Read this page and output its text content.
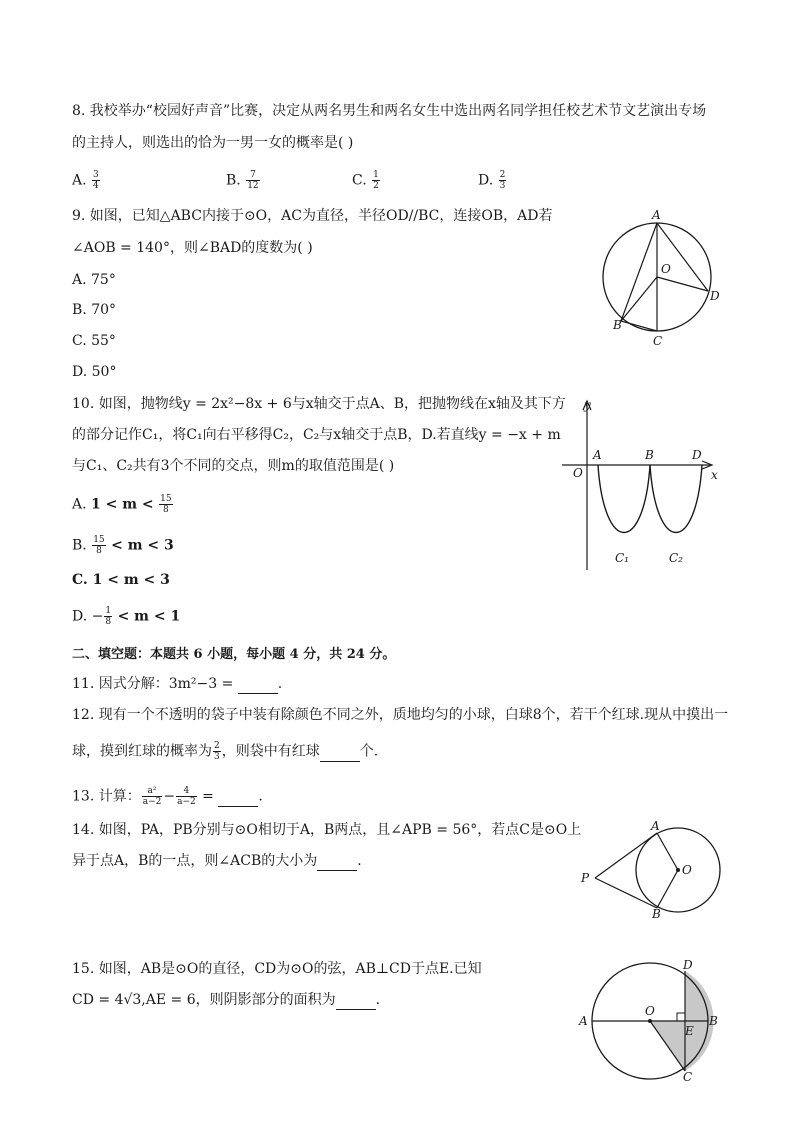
8. 我校举办“校园好声音”比赛，决定从两名男生和两名女生中选出两名同学担任校艺术节文艺演出专场
的主持人，则选出的恰为一男一女的概率是( )
A. $\frac{3}{4}$	B. $\frac{7}{12}$	C. $\frac{1}{2}$	D. $\frac{2}{3}$
9. 如图，已知△ABC内接于⊙O，AC为直径，半径OD//BC，连接OB，AD若
∠AOB = 140°，则∠BAD的度数为( )
A. 75°
B. 70°
C. 55°
D. 50°
A
O
D
B
C
10. 如图，抛物线y = 2x²−8x + 6与x轴交于点A、B，把抛物线在x轴及其下方
的部分记作C₁，将C₁向右平移得C₂，C₂与x轴交于点B，D.若直线y = −x + m
与C₁、C₂共有3个不同的交点，则m的取值范围是( )
A. $1 < m < \frac{15}{8}$
B. $\frac{15}{8} < m < 3$
C. 1 < m < 3
D. − $\frac{1}{8} < m < 1$
y
x
O
A	B	D
C₁	C₂
二、填空题：本题共 6 小题，每小题 4 分，共 24 分。
11. 因式分解：3m²−3 =	.
12. 现有一个不透明的袋子中装有除颜色不同之外，质地均匀的小球，白球8个，若干个红球.现从中摸出一
球，摸到红球的概率为 $\frac{2}{3}$ ，则袋中有红球	个.
13. 计算： $\frac{\text{a²}}{a-2} - \frac{4}{a-2}$ =	.
14. 如图，PA，PB分别与⊙O相切于A，B两点，且∠APB = 56°，若点C是⊙O上
异于点A，B的一点，则∠ACB的大小为	.
A
P
O
B
15. 如图，AB是⊙O的直径，CD为⊙O的弦，AB⊥CD于点E.已知
CD = 4√3,AE = 6，则阴影部分的面积为	.
D
A
O
E
B
C
